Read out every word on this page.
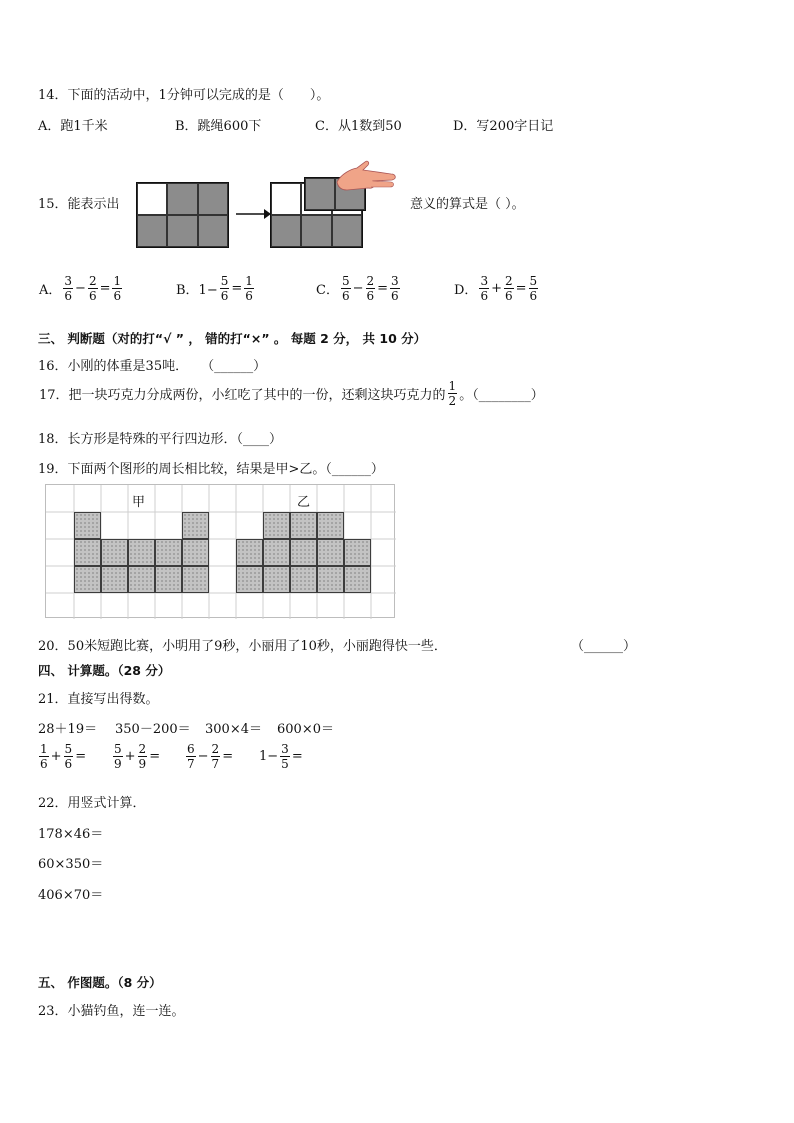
14．下面的活动中，1分钟可以完成的是（　　）。
A．跑1千米	B．跳绳600下	C．从1数到50	D．写200字日记
15．能表示出	意义的算式是（ ）。
A． $\frac{3}{6} - \frac{2}{6} = \frac{1}{6}$	B．$1- \frac{5}{6} = \frac{1}{6}$	C． $\frac{5}{6} - \frac{2}{6} = \frac{3}{6}$	D． $\frac{3}{6} + \frac{2}{6} = \frac{5}{6}$
三、 判断题（对的打“√ ” ， 错的打“×” 。 每题 2 分， 共 10 分）
16．小刚的体重是35吨．　　（______）
17．把一块巧克力分成两份，小红吃了其中的一份，还剩这块巧克力的 $\frac{1}{2}$ 。（________）
18．长方形是特殊的平行四边形．（____）
19．下面两个图形的周长相比较，结果是甲>乙。（______）
甲	乙
20．50米短跑比赛，小明用了9秒，小丽用了10秒，小丽跑得快一些．	（______）
四、 计算题。（28 分）
21．直接写出得数。
28＋19＝ 350－200＝ 300×4＝ 600×0＝
$\frac{1}{6} + \frac{5}{6} = \frac{5}{9} + \frac{2}{9} = \frac{6}{7} - \frac{2}{7} = 1- \frac{3}{5}$ =
22．用竖式计算．
178×46＝
60×350＝
406×70＝
五、 作图题。（8 分）
23．小猫钓鱼，连一连。
